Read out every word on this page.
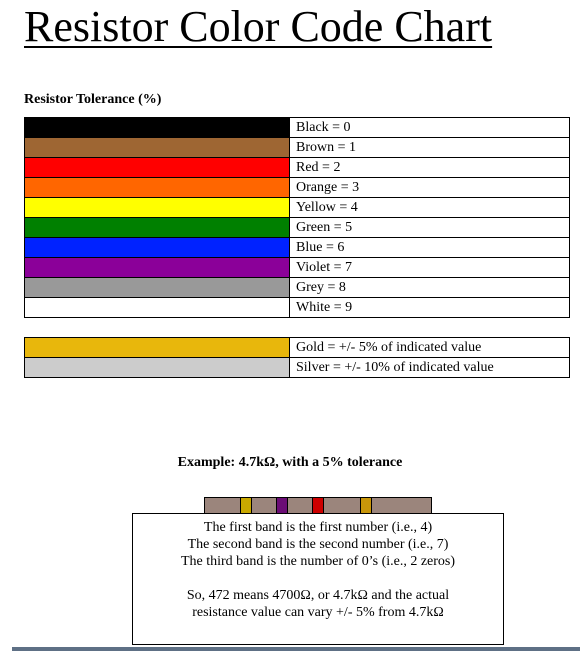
Resistor Color Code Chart
Resistor Tolerance (%)
	Black = 0
	Brown = 1
	Red = 2
	Orange = 3
	Yellow = 4
	Green = 5
	Blue = 6
	Violet = 7
	Grey = 8
	White = 9
	Gold = +/- 5% of indicated value
	Silver = +/- 10% of indicated value
Example: 4.7kΩ, with a 5% tolerance
The first band is the first number (i.e., 4)
The second band is the second number (i.e., 7)
The third band is the number of 0’s (i.e., 2 zeros)
So, 472 means 4700Ω, or 4.7kΩ and the actual
resistance value can vary +/- 5% from 4.7kΩ
